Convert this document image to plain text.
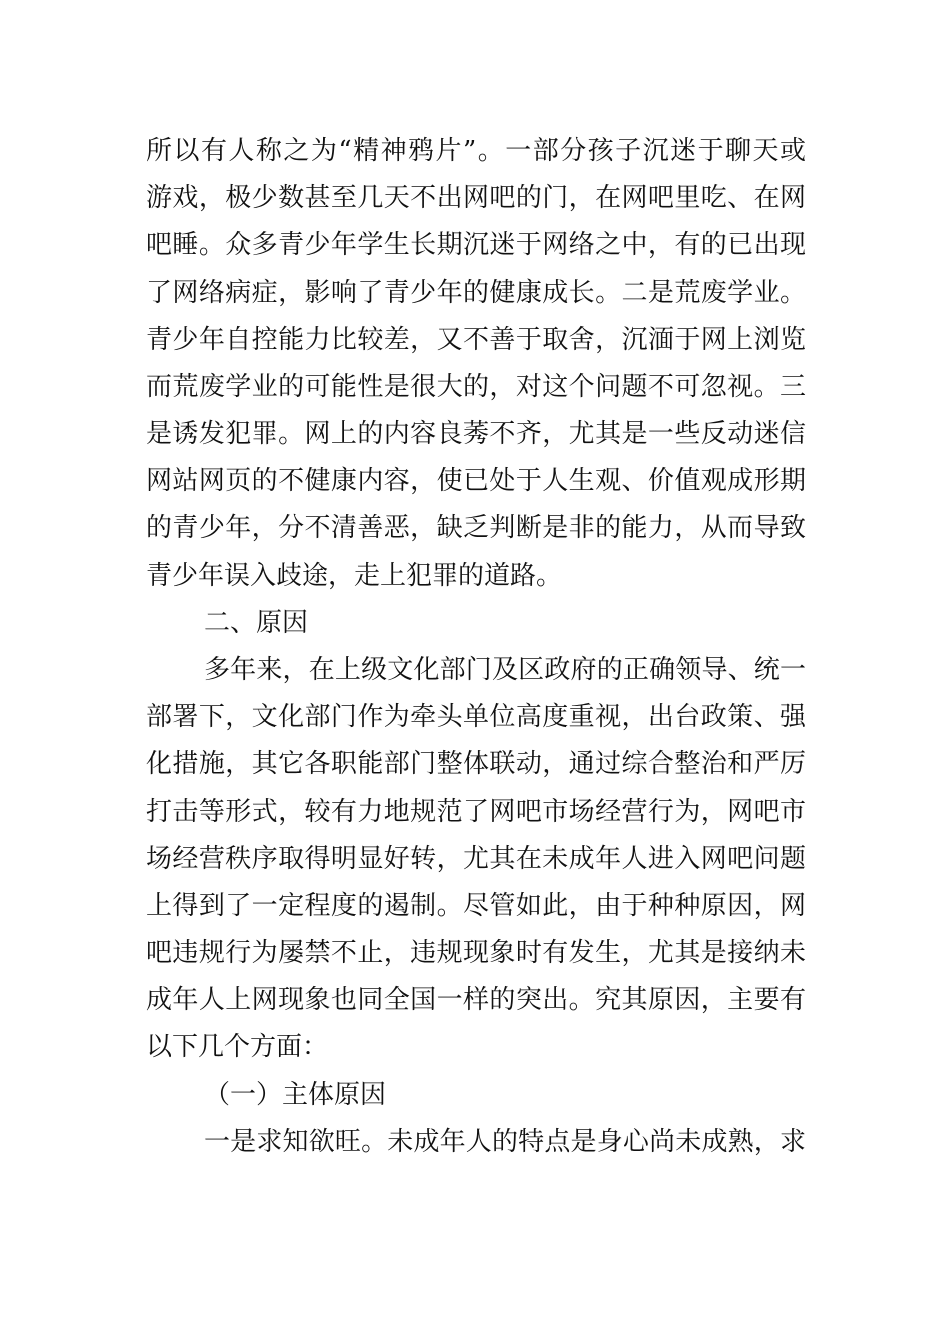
所以有人称之为“精神鸦片”。一部分孩子沉迷于聊天或
游戏，极少数甚至几天不出网吧的门，在网吧里吃、在网
吧睡。众多青少年学生长期沉迷于网络之中，有的已出现
了网络病症，影响了青少年的健康成长。二是荒废学业。
青少年自控能力比较差，又不善于取舍，沉湎于网上浏览
而荒废学业的可能性是很大的，对这个问题不可忽视。三
是诱发犯罪。网上的内容良莠不齐，尤其是一些反动迷信
网站网页的不健康内容，使已处于人生观、价值观成形期
的青少年，分不清善恶，缺乏判断是非的能力，从而导致
青少年误入歧途，走上犯罪的道路。
二、原因
多年来，在上级文化部门及区政府的正确领导、统一
部署下，文化部门作为牵头单位高度重视，出台政策、强
化措施，其它各职能部门整体联动，通过综合整治和严厉
打击等形式，较有力地规范了网吧市场经营行为，网吧市
场经营秩序取得明显好转，尤其在未成年人进入网吧问题
上得到了一定程度的遏制。尽管如此，由于种种原因，网
吧违规行为屡禁不止，违规现象时有发生，尤其是接纳未
成年人上网现象也同全国一样的突出。究其原因，主要有
以下几个方面：
（一）主体原因
一是求知欲旺。未成年人的特点是身心尚未成熟，求
